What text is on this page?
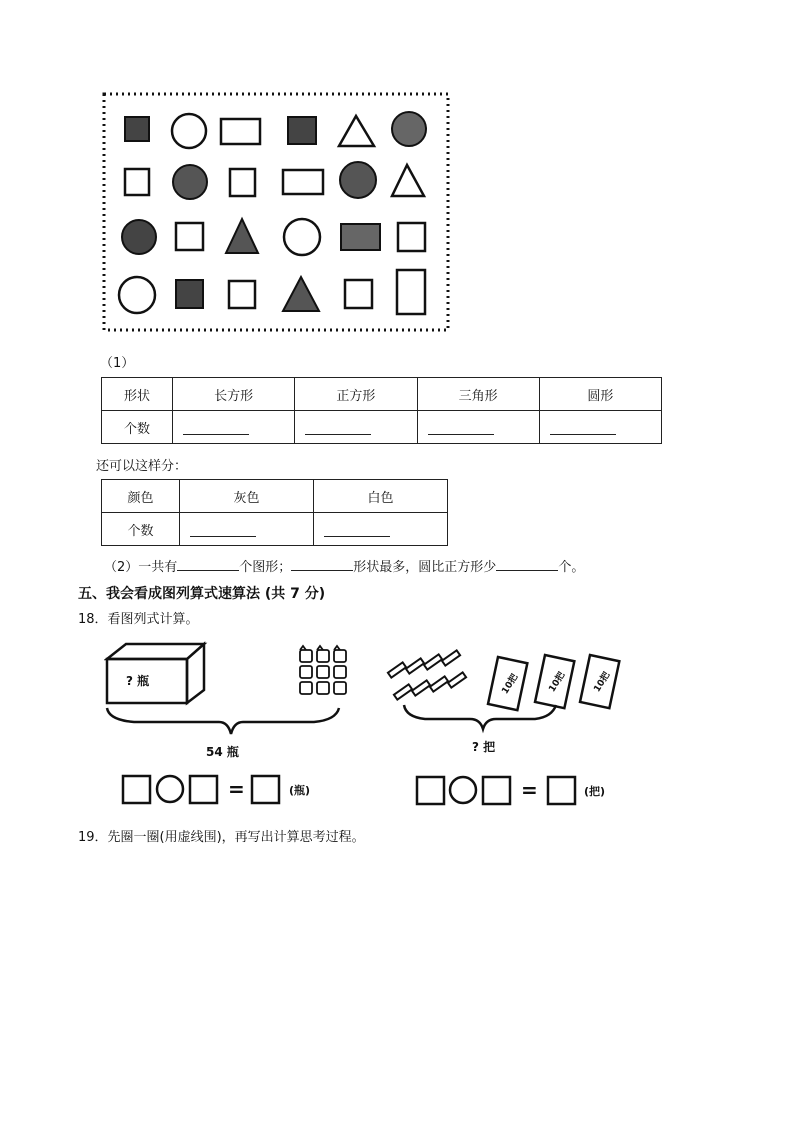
（1）
形状	长方形	正方形	三角形	圆形
个数				
还可以这样分：
颜色	灰色	白色
个数		
（2）一共有	个图形；	形状最多，圆比正方形少	个。
五、我会看成图列算式速算法 (共 7 分)
18．看图列式计算。
? 瓶
54 瓶
=	(瓶)
10把	10把	10把
? 把
=	(把)
19．先圈一圈(用虚线围)，再写出计算思考过程。
